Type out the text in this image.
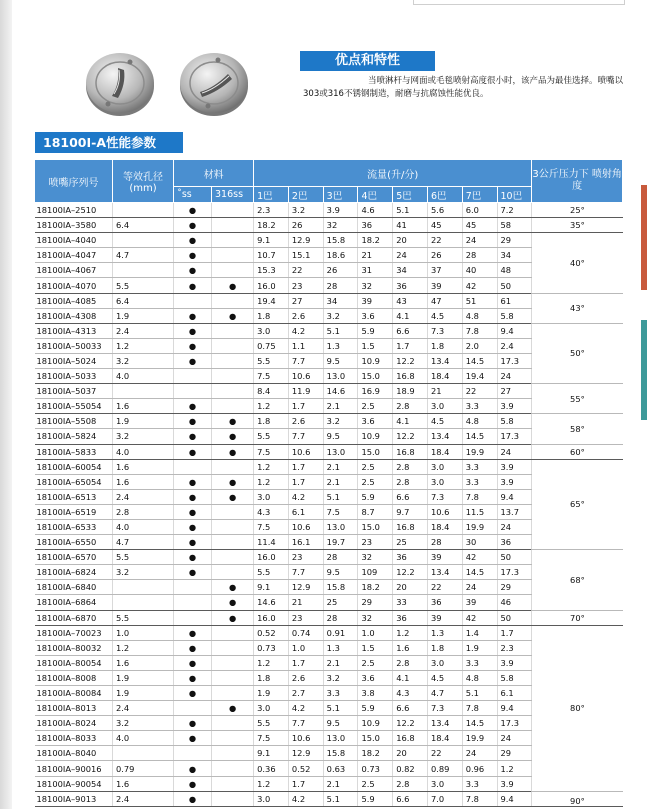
优点和特性
当喷淋杆与网面或毛毯喷射高度很小时，该产品为最佳选择。喷嘴以
303或316不锈钢制造，耐磨与抗腐蚀性能优良。
18100I-A性能参数
喷嘴序列号	等效孔径 (mm)	材料		流量(升/分)								3公斤压力下 喷射角度
		˚ss	316ss	1巴	2巴	3巴	4巴	5巴	6巴	7巴	10巴	
18100IA–2510		●		2.3	3.2	3.9	4.6	5.1	5.6	6.0	7.2	25°
18100IA–3580	6.4	●		18.2	26	32	36	41	45	45	58	35°
18100IA–4040		●		9.1	12.9	15.8	18.2	20	22	24	29	40°
18100IA–4047	4.7	●		10.7	15.1	18.6	21	24	26	28	34	
18100IA–4067		●		15.3	22	26	31	34	37	40	48	
18100IA–4070	5.5	●	●	16.0	23	28	32	36	39	42	50	
18100IA–4085	6.4			19.4	27	34	39	43	47	51	61	43°
18100IA–4308	1.9	●	●	1.8	2.6	3.2	3.6	4.1	4.5	4.8	5.8	
18100IA–4313	2.4	●		3.0	4.2	5.1	5.9	6.6	7.3	7.8	9.4	50°
18100IA–50033	1.2	●		0.75	1.1	1.3	1.5	1.7	1.8	2.0	2.4	
18100IA–5024	3.2	●		5.5	7.7	9.5	10.9	12.2	13.4	14.5	17.3	
18100IA–5033	4.0			7.5	10.6	13.0	15.0	16.8	18.4	19.4	24	
18100IA–5037				8.4	11.9	14.6	16.9	18.9	21	22	27	55°
18100IA–55054	1.6	●		1.2	1.7	2.1	2.5	2.8	3.0	3.3	3.9	
18100IA–5508	1.9	●	●	1.8	2.6	3.2	3.6	4.1	4.5	4.8	5.8	58°
18100IA–5824	3.2	●	●	5.5	7.7	9.5	10.9	12.2	13.4	14.5	17.3	
18100IA–5833	4.0	●	●	7.5	10.6	13.0	15.0	16.8	18.4	19.9	24	60°
18100IA–60054	1.6			1.2	1.7	2.1	2.5	2.8	3.0	3.3	3.9	65°
18100IA–65054	1.6	●	●	1.2	1.7	2.1	2.5	2.8	3.0	3.3	3.9	
18100IA–6513	2.4	●	●	3.0	4.2	5.1	5.9	6.6	7.3	7.8	9.4	
18100IA–6519	2.8	●		4.3	6.1	7.5	8.7	9.7	10.6	11.5	13.7	
18100IA–6533	4.0	●		7.5	10.6	13.0	15.0	16.8	18.4	19.9	24	
18100IA–6550	4.7	●		11.4	16.1	19.7	23	25	28	30	36	
18100IA–6570	5.5	●		16.0	23	28	32	36	39	42	50	68°
18100IA–6824	3.2	●		5.5	7.7	9.5	109	12.2	13.4	14.5	17.3	
18100IA–6840			●	9.1	12.9	15.8	18.2	20	22	24	29	
18100IA–6864			●	14.6	21	25	29	33	36	39	46	
18100IA–6870	5.5		●	16.0	23	28	32	36	39	42	50	70°
18100IA–70023	1.0	●		0.52	0.74	0.91	1.0	1.2	1.3	1.4	1.7	80°
18100IA–80032	1.2	●		0.73	1.0	1.3	1.5	1.6	1.8	1.9	2.3	
18100IA–80054	1.6	●		1.2	1.7	2.1	2.5	2.8	3.0	3.3	3.9	
18100IA–8008	1.9	●		1.8	2.6	3.2	3.6	4.1	4.5	4.8	5.8	
18100IA–80084	1.9	●		1.9	2.7	3.3	3.8	4.3	4.7	5.1	6.1	
18100IA–8013	2.4		●	3.0	4.2	5.1	5.9	6.6	7.3	7.8	9.4	
18100IA–8024	3.2	●		5.5	7.7	9.5	10.9	12.2	13.4	14.5	17.3	
18100IA–8033	4.0	●		7.5	10.6	13.0	15.0	16.8	18.4	19.9	24	
18100IA–8040				9.1	12.9	15.8	18.2	20	22	24	29	
18100IA–90016	0.79	●		0.36	0.52	0.63	0.73	0.82	0.89	0.96	1.2	
18100IA–90054	1.6	●		1.2	1.7	2.1	2.5	2.8	3.0	3.3	3.9	
18100IA–9013	2.4	●		3.0	4.2	5.1	5.9	6.6	7.0	7.8	9.4	90°
